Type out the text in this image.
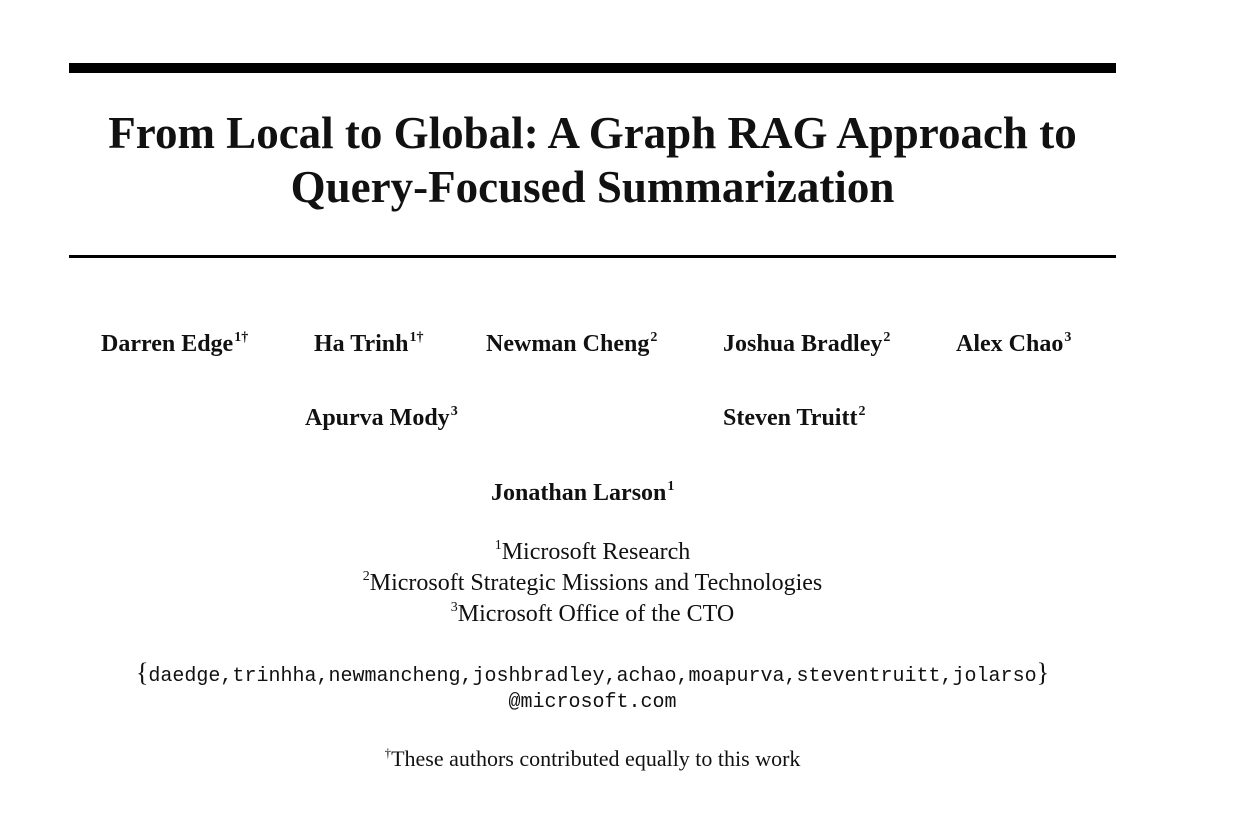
From Local to Global: A Graph RAG Approach to
Query-Focused Summarization
Darren Edge$^{1\dagger}$	Ha Trinh$^{1\dagger}$	Newman Cheng$^2$	Joshua Bradley$^2$	Alex Chao$^3$
Apurva Mody$^3$	Steven Truitt$^2$
Jonathan Larson$^1$
$^1$Microsoft Research
$^2$Microsoft Strategic Missions and Technologies
$^3$Microsoft Office of the CTO
{daedge,trinhha,newmancheng,joshbradley,achao,moapurva,steventruitt,jolarso}
@microsoft.com
†These authors contributed equally to this work
